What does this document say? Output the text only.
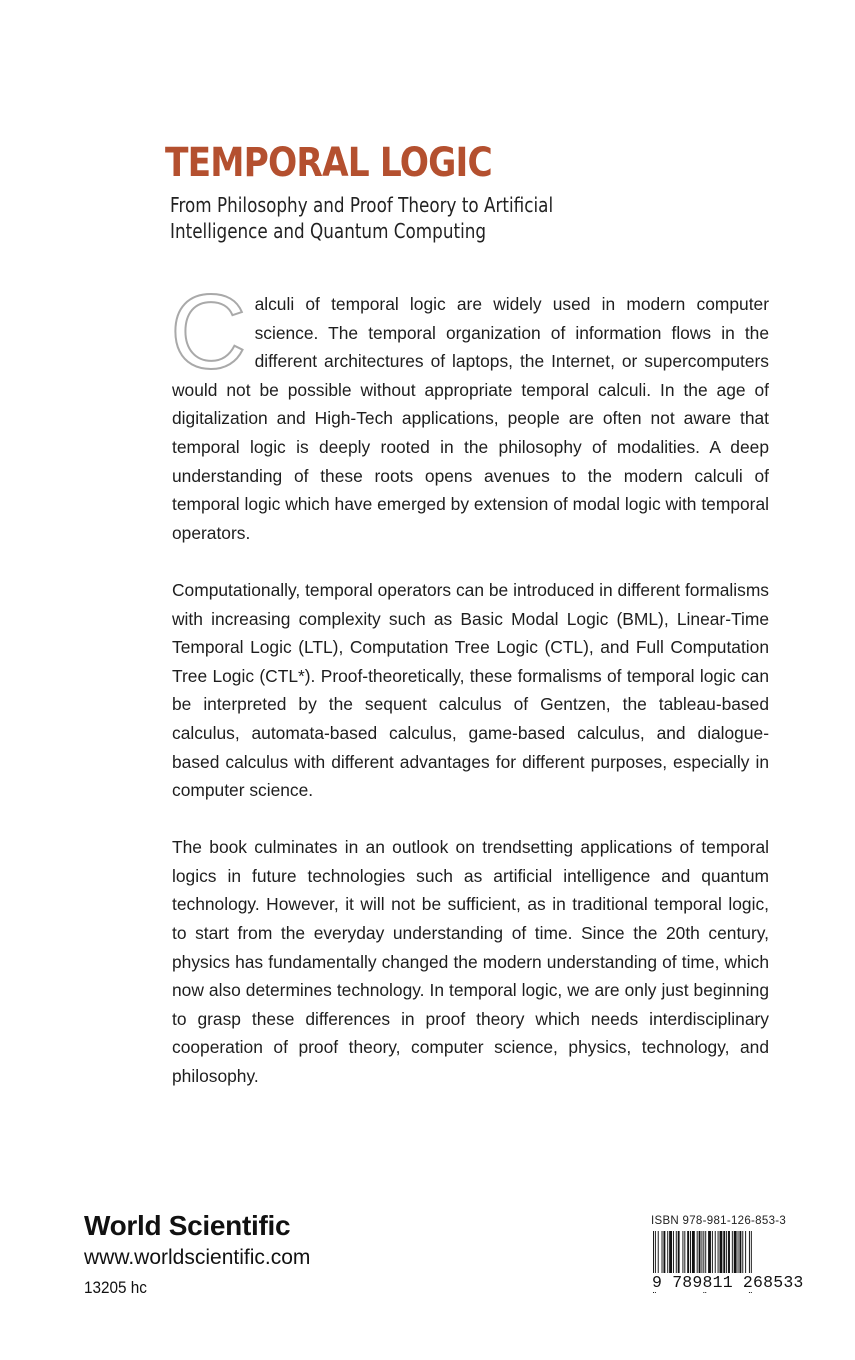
TEMPORAL LOGIC
From Philosophy and Proof Theory to Artificial
Intelligence and Quantum Computing

Calculi of temporal logic are widely used in modern computer science. The temporal organization of information flows in the different architectures of laptops, the Internet, or supercomputers would not be possible without appropriate temporal calculi. In the age of digitalization and High-Tech applications, people are often not aware that temporal logic is deeply rooted in the philosophy of modalities. A deep understanding of these roots opens avenues to the modern calculi of temporal logic which have emerged by extension of modal logic with temporal operators.

Computationally, temporal operators can be introduced in different formalisms with increasing complexity such as Basic Modal Logic (BML), Linear-Time Temporal Logic (LTL), Computation Tree Logic (CTL), and Full Computation Tree Logic (CTL*). Proof-theoretically, these formalisms of temporal logic can be interpreted by the sequent calculus of Gentzen, the tableau-based calculus, automata-based calculus, game-based calculus, and dialogue-based calculus with different advantages for different purposes, especially in computer science.

The book culminates in an outlook on trendsetting applications of temporal logics in future technologies such as artificial intelligence and quantum technology. However, it will not be sufficient, as in traditional temporal logic, to start from the everyday understanding of time. Since the 20th century, physics has fundamentally changed the modern understanding of time, which now also determines technology. In temporal logic, we are only just beginning to grasp these differences in proof theory which needs interdisciplinary cooperation of proof theory, computer science, physics, technology, and philosophy.

World Scientific
www.worldscientific.com
13205 hc
ISBN 978-981-126-853-3
9 789811 268533
